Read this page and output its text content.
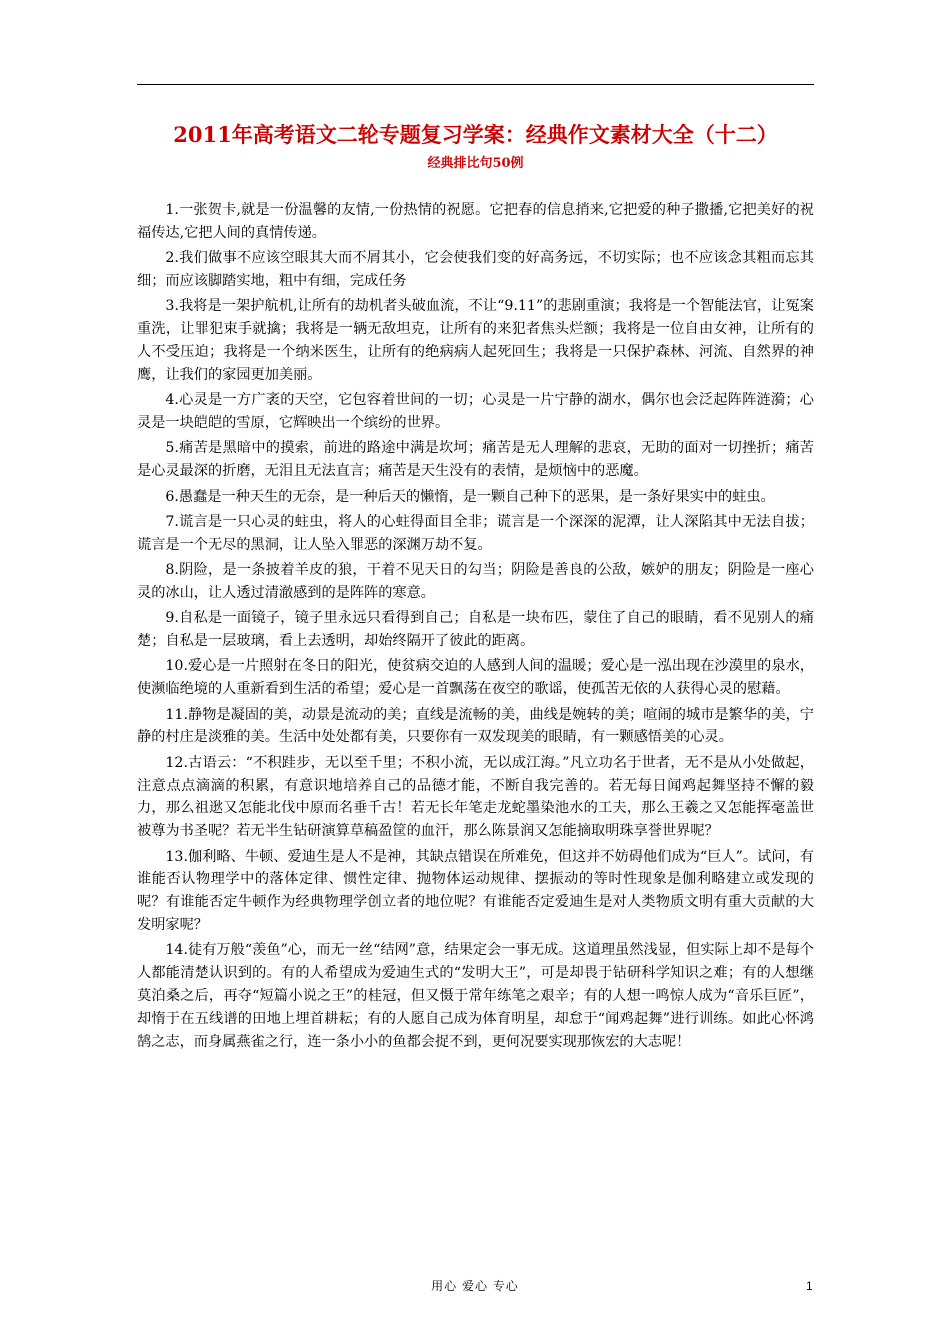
2011年高考语文二轮专题复习学案：经典作文素材大全（十二）
经典排比句50例

1.一张贺卡,就是一份温馨的友情,一份热情的祝愿。它把春的信息捎来,它把爱的种子撒播,它把美好的祝福传达,它把人间的真情传递。

2.我们做事不应该空眼其大而不屑其小，它会使我们变的好高务远，不切实际；也不应该念其粗而忘其细；而应该脚踏实地，粗中有细，完成任务

3.我将是一架护航机,让所有的劫机者头破血流，不让“9.11”的悲剧重演；我将是一个智能法官，让冤案重洗，让罪犯束手就擒；我将是一辆无敌坦克，让所有的来犯者焦头烂额；我将是一位自由女神，让所有的人不受压迫；我将是一个纳米医生，让所有的绝病病人起死回生；我将是一只保护森林、河流、自然界的神鹰，让我们的家园更加美丽。

4.心灵是一方广袤的天空，它包容着世间的一切；心灵是一片宁静的湖水，偶尔也会泛起阵阵涟漪；心灵是一块皑皑的雪原，它辉映出一个缤纷的世界。

5.痛苦是黑暗中的摸索，前进的路途中满是坎坷；痛苦是无人理解的悲哀，无助的面对一切挫折；痛苦是心灵最深的折磨，无泪且无法直言；痛苦是天生没有的表情，是烦恼中的恶魔。

6.愚蠢是一种天生的无奈，是一种后天的懒惰，是一颗自己种下的恶果，是一条好果实中的蛀虫。

7.谎言是一只心灵的蛀虫，将人的心蛀得面目全非；谎言是一个深深的泥潭，让人深陷其中无法自拔；谎言是一个无尽的黑洞，让人坠入罪恶的深渊万劫不复。

8.阴险，是一条披着羊皮的狼，干着不见天日的勾当；阴险是善良的公敌，嫉妒的朋友；阴险是一座心灵的冰山，让人透过清澈感到的是阵阵的寒意。

9.自私是一面镜子，镜子里永远只看得到自己；自私是一块布匹，蒙住了自己的眼睛，看不见别人的痛楚；自私是一层玻璃，看上去透明，却始终隔开了彼此的距离。

10.爱心是一片照射在冬日的阳光，使贫病交迫的人感到人间的温暖；爱心是一泓出现在沙漠里的泉水，使濒临绝境的人重新看到生活的希望；爱心是一首飘荡在夜空的歌谣，使孤苦无依的人获得心灵的慰藉。

11.静物是凝固的美，动景是流动的美；直线是流畅的美，曲线是婉转的美；喧闹的城市是繁华的美，宁静的村庄是淡雅的美。生活中处处都有美，只要你有一双发现美的眼睛，有一颗感悟美的心灵。

12.古语云：“不积跬步，无以至千里；不积小流，无以成江海。”凡立功名于世者，无不是从小处做起，注意点点滴滴的积累，有意识地培养自己的品德才能，不断自我完善的。若无每日闻鸡起舞坚持不懈的毅力，那么祖逖又怎能北伐中原而名垂千古！若无长年笔走龙蛇墨染池水的工夫，那么王羲之又怎能挥毫盖世被尊为书圣呢？若无半生钻研演算草稿盈筐的血汗，那么陈景润又怎能摘取明珠享誉世界呢？

13.伽利略、牛顿、爱迪生是人不是神，其缺点错误在所难免，但这并不妨碍他们成为“巨人”。试问，有谁能否认物理学中的落体定律、惯性定律、抛物体运动规律、摆振动的等时性现象是伽利略建立或发现的呢？有谁能否定牛顿作为经典物理学创立者的地位呢？有谁能否定爱迪生是对人类物质文明有重大贡献的大发明家呢？

14.徒有万般“羡鱼”心，而无一丝“结网”意，结果定会一事无成。这道理虽然浅显，但实际上却不是每个人都能清楚认识到的。有的人希望成为爱迪生式的“发明大王”，可是却畏于钻研科学知识之难；有的人想继莫泊桑之后，再夺“短篇小说之王”的桂冠，但又慑于常年练笔之艰辛；有的人想一鸣惊人成为“音乐巨匠”，却惰于在五线谱的田地上埋首耕耘；有的人愿自己成为体育明星，却怠于“闻鸡起舞”进行训练。如此心怀鸿鹄之志，而身属燕雀之行，连一条小小的鱼都会捉不到，更何况要实现那恢宏的大志呢！

用心 爱心 专心	1
